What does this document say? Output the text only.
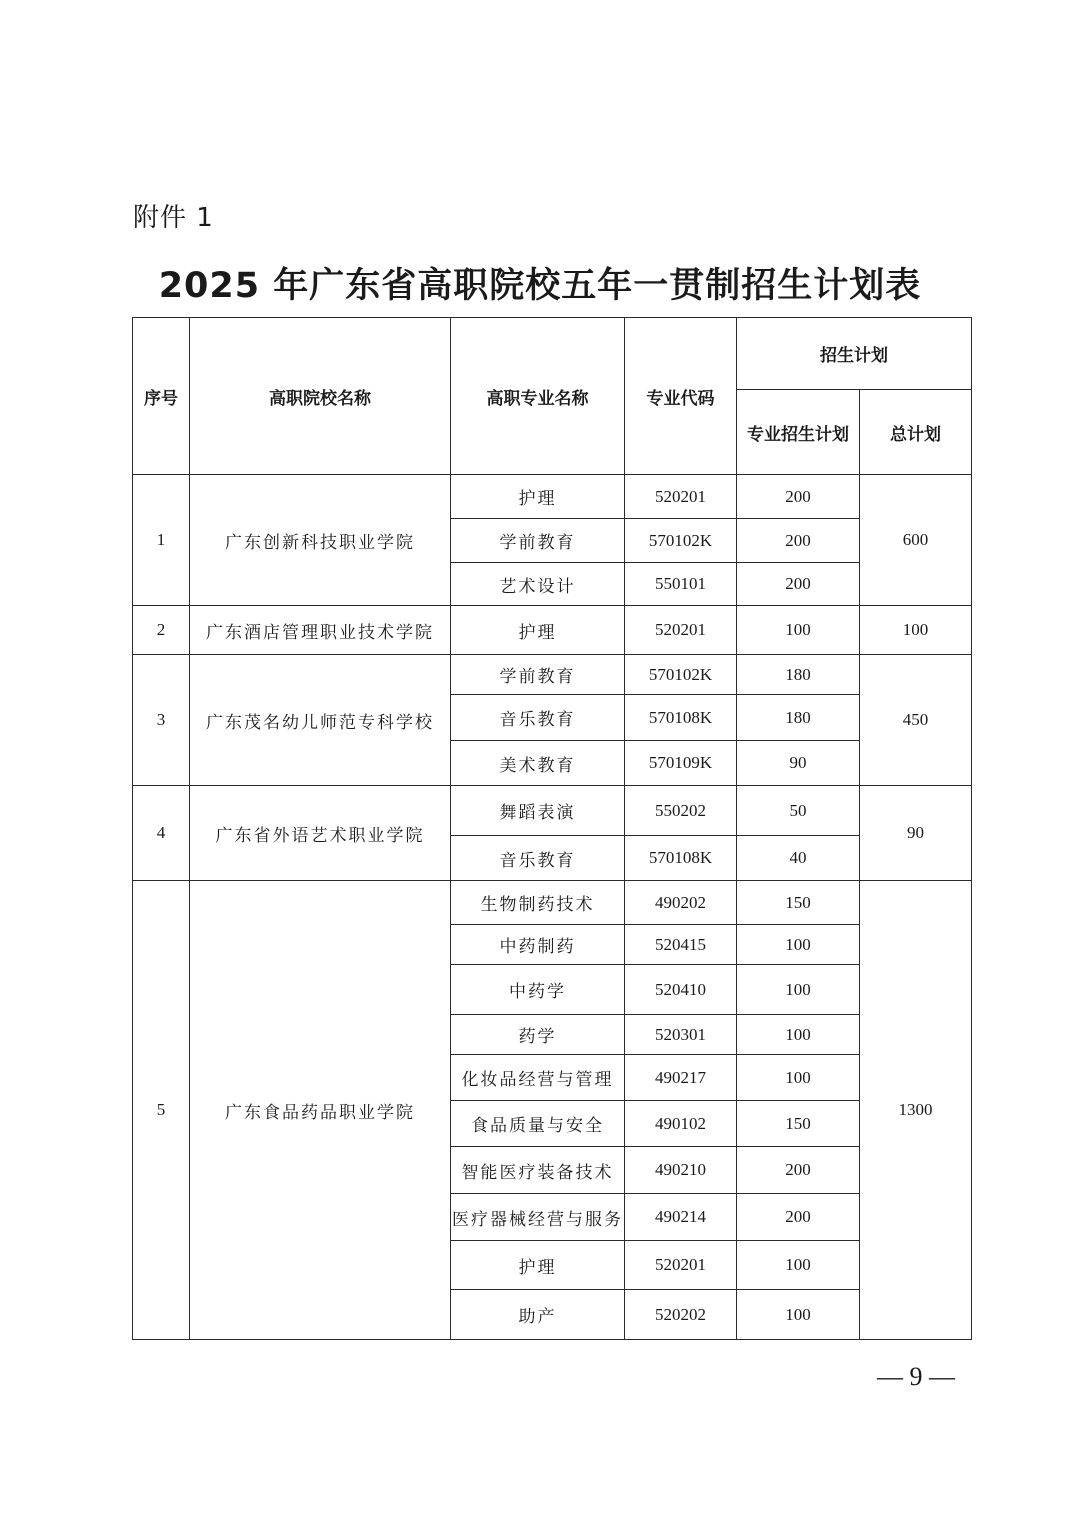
附件 1
2025 年广东省高职院校五年一贯制招生计划表
序号	高职院校名称	高职专业名称	专业代码	招生计划	
				专业招生计划	总计划
1	广东创新科技职业学院	护理	520201	200	600
		学前教育	570102K	200	
		艺术设计	550101	200	
2	广东酒店管理职业技术学院	护理	520201	100	100
3	广东茂名幼儿师范专科学校	学前教育	570102K	180	450
		音乐教育	570108K	180	
		美术教育	570109K	90	
4	广东省外语艺术职业学院	舞蹈表演	550202	50	90
		音乐教育	570108K	40	
5	广东食品药品职业学院	生物制药技术	490202	150	1300
		中药制药	520415	100	
		中药学	520410	100	
		药学	520301	100	
		化妆品经营与管理	490217	100	
		食品质量与安全	490102	150	
		智能医疗装备技术	490210	200	
		医疗器械经营与服务	490214	200	
		护理	520201	100	
		助产	520202	100	
— 9 —
